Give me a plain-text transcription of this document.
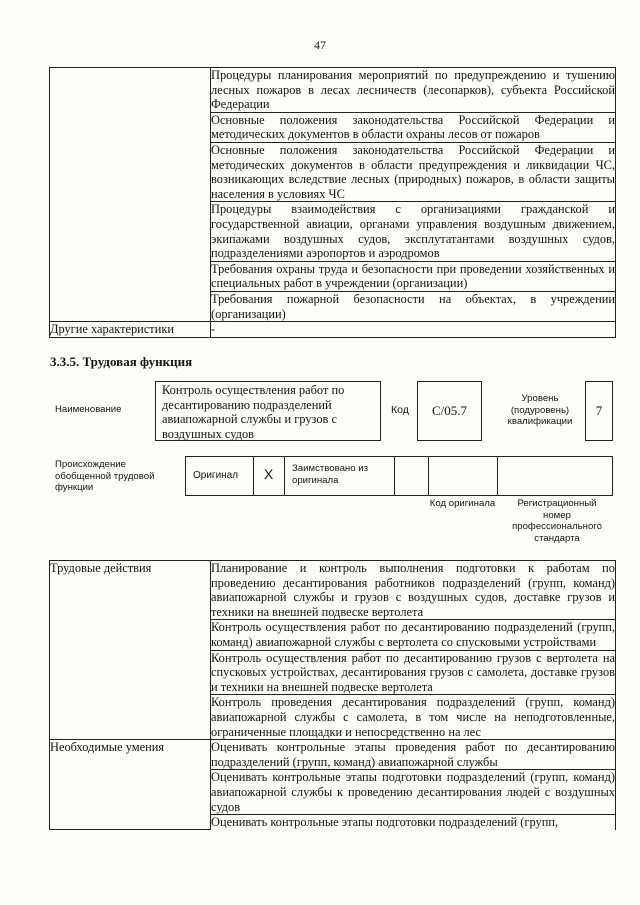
47
	Процедуры планирования мероприятий по предупреждению и тушению лесных пожаров в лесах лесничеств (лесопарков), субъекта Российской Федерации
	Основные положения законодательства Российской Федерации и методических документов в области охраны лесов от пожаров
	Основные положения законодательства Российской Федерации и методических документов в области предупреждения и ликвидации ЧС, возникающих вследствие лесных (природных) пожаров, в области защиты населения в условиях ЧС
	Процедуры взаимодействия с организациями гражданской и государственной авиации, органами управления воздушным движением, экипажами воздушных судов, эксплутатантами воздушных судов, подразделениями аэропортов и аэродромов
	Требования охраны труда и безопасности при проведении хозяйственных и специальных работ в учреждении (организации)
	Требования пожарной безопасности на объектах, в учреждении (организации)
Другие характеристики	-
3.3.5. Трудовая функция
Наименование
Контроль осуществления работ по десантированию подразделений авиапожарной службы и грузов с воздушных судов
Код	С/05.7
Уровень (подуровень) квалификации
7
Происхождение обобщенной трудовой функции
Оригинал	X	Заимствовано из оригинала
Код оригинала	Регистрационный номер профессионального стандарта
Трудовые действия	Планирование и контроль выполнения подготовки к работам по проведению десантирования работников подразделений (групп, команд) авиапожарной службы и грузов с воздушных судов, доставке грузов и техники на внешней подвеске вертолета
	Контроль осуществления работ по десантированию подразделений (групп, команд) авиапожарной службы с вертолета со спусковыми устройствами
	Контроль осуществления работ по десантированию грузов с вертолета на спусковых устройствах, десантирования грузов с самолета, доставке грузов и техники на внешней подвеске вертолета
	Контроль проведения десантирования подразделений (групп, команд) авиапожарной службы с самолета, в том числе на неподготовленные, ограниченные площадки и непосредственно на лес
Необходимые умения	Оценивать контрольные этапы проведения работ по десантированию подразделений (групп, команд) авиапожарной службы
	Оценивать контрольные этапы подготовки подразделений (групп, команд) авиапожарной службы к проведению десантирования людей с воздушных судов
	Оценивать контрольные этапы подготовки подразделений (групп,
